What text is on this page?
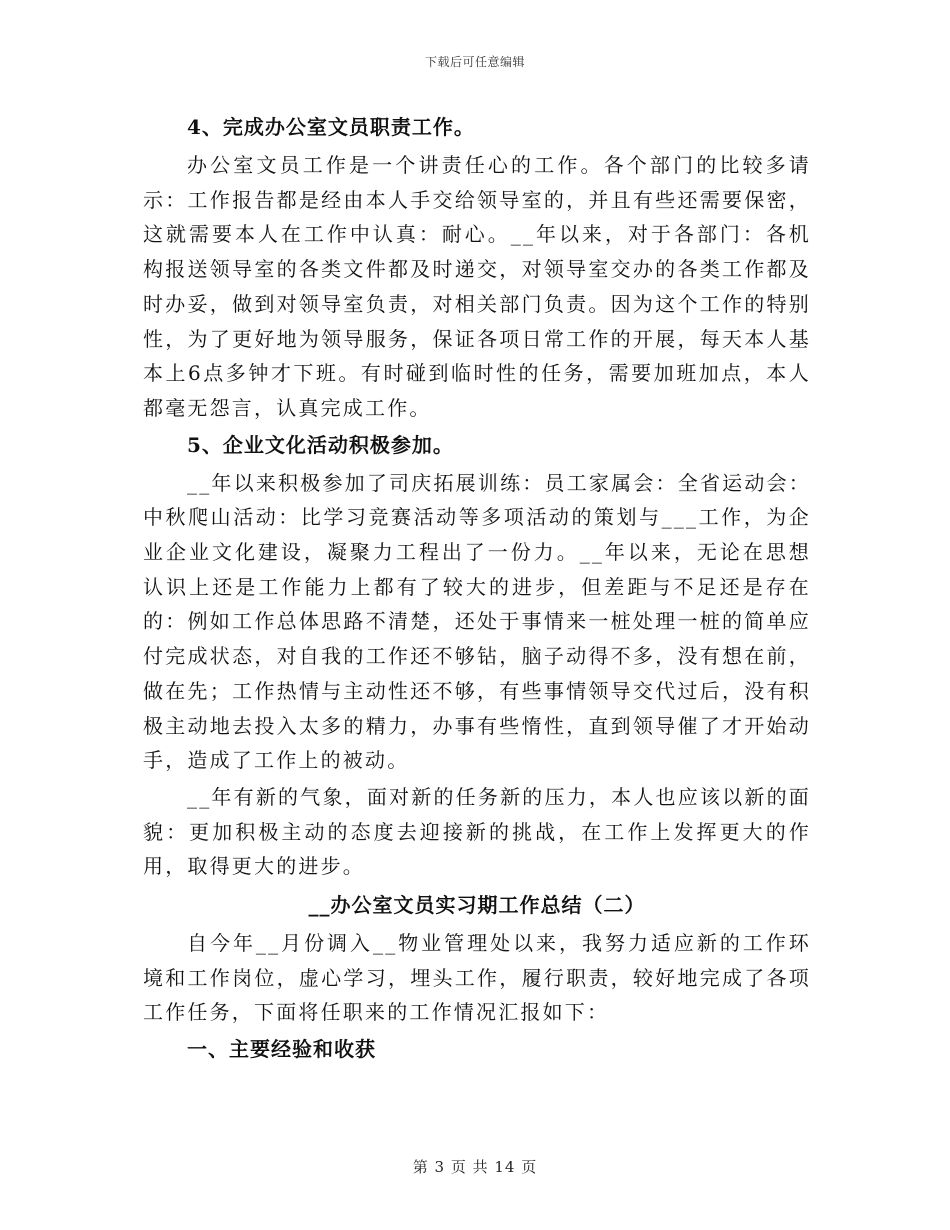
下载后可任意编辑

4、完成办公室文员职责工作。

办公室文员工作是一个讲责任心的工作。各个部门的比较多请示：工作报告都是经由本人手交给领导室的，并且有些还需要保密，这就需要本人在工作中认真：耐心。__年以来，对于各部门：各机构报送领导室的各类文件都及时递交，对领导室交办的各类工作都及时办妥，做到对领导室负责，对相关部门负责。因为这个工作的特别性，为了更好地为领导服务，保证各项日常工作的开展，每天本人基本上6点多钟才下班。有时碰到临时性的任务，需要加班加点，本人都毫无怨言，认真完成工作。

5、企业文化活动积极参加。

__年以来积极参加了司庆拓展训练：员工家属会：全省运动会：中秋爬山活动：比学习竞赛活动等多项活动的策划与___工作，为企业企业文化建设，凝聚力工程出了一份力。__年以来，无论在思想认识上还是工作能力上都有了较大的进步，但差距与不足还是存在的：例如工作总体思路不清楚，还处于事情来一桩处理一桩的简单应付完成状态，对自我的工作还不够钻，脑子动得不多，没有想在前，做在先；工作热情与主动性还不够，有些事情领导交代过后，没有积极主动地去投入太多的精力，办事有些惰性，直到领导催了才开始动手，造成了工作上的被动。

__年有新的气象，面对新的任务新的压力，本人也应该以新的面貌：更加积极主动的态度去迎接新的挑战，在工作上发挥更大的作用，取得更大的进步。

__办公室文员实习期工作总结（二）

自今年__月份调入__物业管理处以来，我努力适应新的工作环境和工作岗位，虚心学习，埋头工作，履行职责，较好地完成了各项工作任务，下面将任职来的工作情况汇报如下：

一、主要经验和收获

第 3 页 共 14 页
